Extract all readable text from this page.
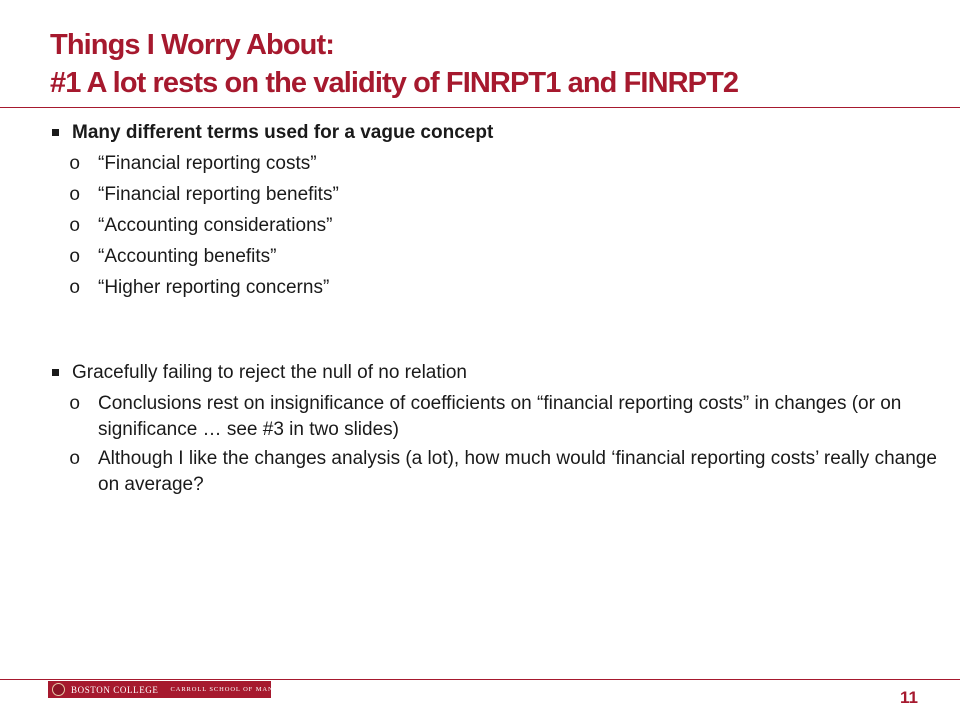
Things I Worry About:
#1 A lot rests on the validity of FINRPT1 and FINRPT2
Many different terms used for a vague concept
o “Financial reporting costs”
o “Financial reporting benefits”
o “Accounting considerations”
o “Accounting benefits”
o “Higher reporting concerns”
Gracefully failing to reject the null of no relation
o Conclusions rest on insignificance of coefficients on “financial reporting costs” in changes (or on significance … see #3 in two slides)
o Although I like the changes analysis (a lot), how much would ‘financial reporting costs’ really change on average?
BOSTON COLLEGE CARROLL SCHOOL OF MANAGEMENT	11
